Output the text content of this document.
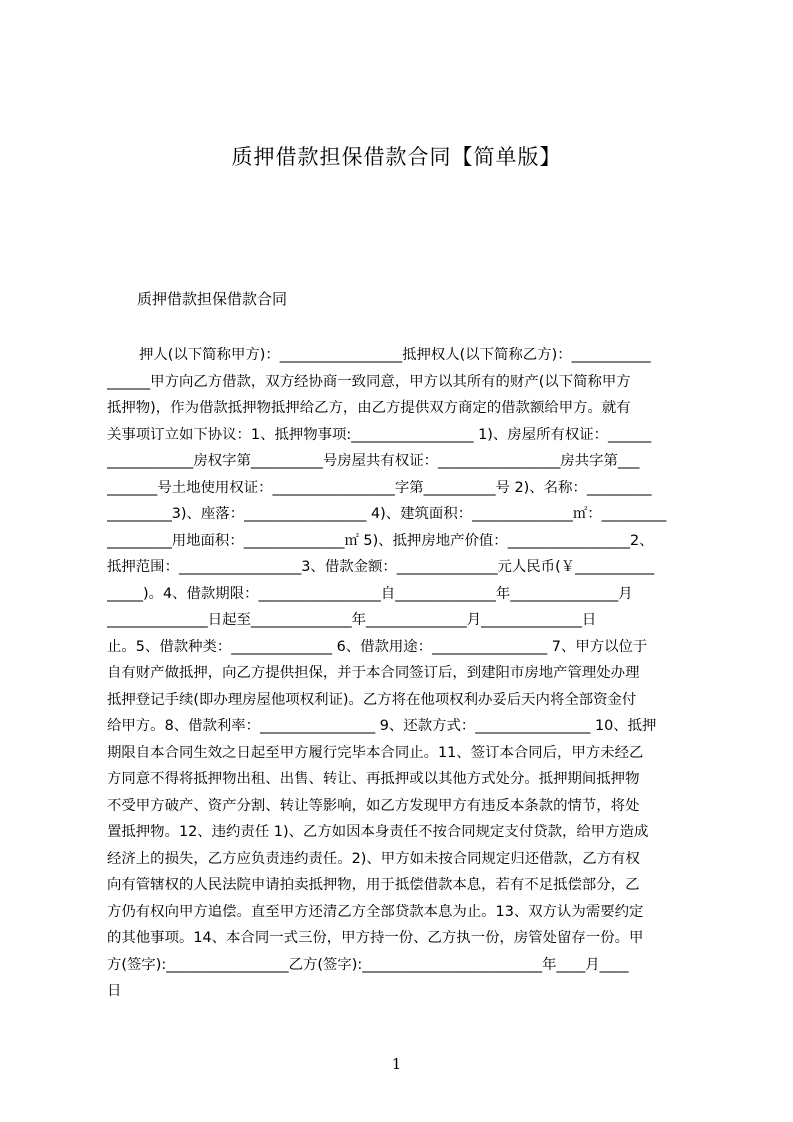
质押借款担保借款合同【简单版】

质押借款担保借款合同

押人(以下简称甲方)：_________________抵押权人(以下简称乙方)：___________
______甲方向乙方借款，双方经协商一致同意，甲方以其所有的财产(以下简称甲方
抵押物)，作为借款抵押物抵押给乙方，由乙方提供双方商定的借款额给甲方。就有
关事项订立如下协议：1、抵押物事项:_________________ 1)、房屋所有权证：______
____________房权字第__________号房屋共有权证：_________________房共字第___
_______号土地使用权证：_________________字第__________号 2)、名称：_________
_________3)、座落：_________________ 4)、建筑面积：______________㎡：_________
_________用地面积：______________㎡ 5)、抵押房地产价值：_________________2、
抵押范围：_________________3、借款金额：______________元人民币(￥___________
_____)。4、借款期限：_________________自______________年_______________月
______________日起至______________年______________月______________日
止。5、借款种类：______________ 6、借款用途：________________ 7、甲方以位于
自有财产做抵押，向乙方提供担保，并于本合同签订后，到建阳市房地产管理处办理
抵押登记手续(即办理房屋他项权利证)。乙方将在他项权利办妥后天内将全部资金付
给甲方。8、借款利率：________________ 9、还款方式：________________ 10、抵押
期限自本合同生效之日起至甲方履行完毕本合同止。11、签订本合同后，甲方未经乙
方同意不得将抵押物出租、出售、转让、再抵押或以其他方式处分。抵押期间抵押物
不受甲方破产、资产分割、转让等影响，如乙方发现甲方有违反本条款的情节，将处
置抵押物。12、违约责任 1)、乙方如因本身责任不按合同规定支付贷款，给甲方造成
经济上的损失，乙方应负责违约责任。2)、甲方如未按合同规定归还借款，乙方有权
向有管辖权的人民法院申请拍卖抵押物，用于抵偿借款本息，若有不足抵偿部分，乙
方仍有权向甲方追偿。直至甲方还清乙方全部贷款本息为止。13、双方认为需要约定
的其他事项。14、本合同一式三份，甲方持一份、乙方执一份，房管处留存一份。甲
方(签字):_________________乙方(签字):_________________________年____月____
日
1
